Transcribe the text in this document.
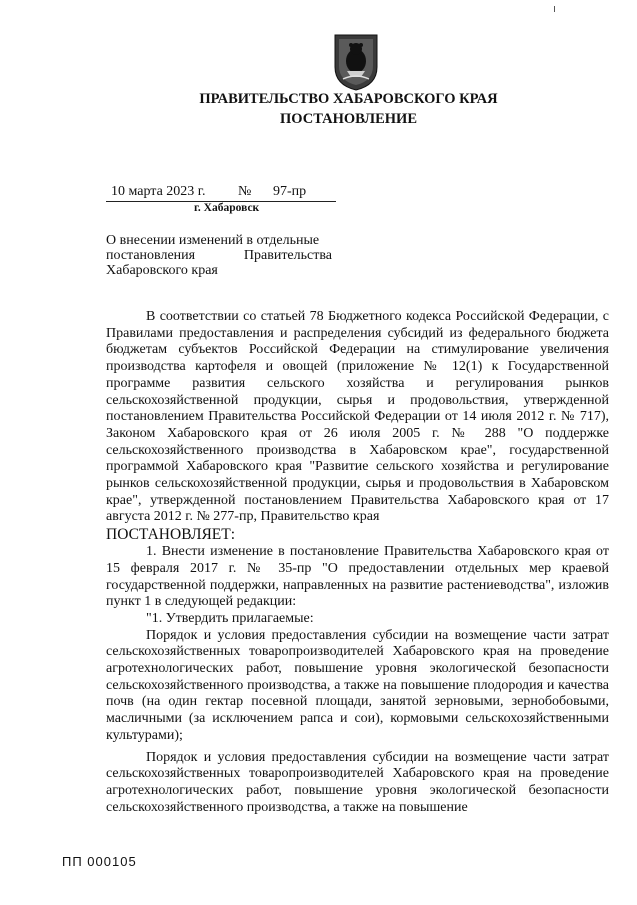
ПРАВИТЕЛЬСТВО ХАБАРОВСКОГО КРАЯ
ПОСТАНОВЛЕНИЕ
10 марта 2023 г. № 97-пр
г. Хабаровск
О внесении изменений в отдельные
постановления	Правительства
Хабаровского края

В соответствии со статьей 78 Бюджетного кодекса Российской Федерации, с Правилами предоставления и распределения субсидий из федерального бюджета бюджетам субъектов Российской Федерации на стимулирование увеличения производства картофеля и овощей (приложение № 12(1) к Государственной программе развития сельского хозяйства и регулирования рынков сельскохозяйственной продукции, сырья и продовольствия, утвержденной постановлением Правительства Российской Федерации от 14 июля 2012 г. № 717), Законом Хабаровского края от 26 июля 2005 г. № 288 "О поддержке сельскохозяйственного производства в Хабаровском крае", государственной программой Хабаровского края "Развитие сельского хозяйства и регулирование рынков сельскохозяйственной продукции, сырья и продовольствия в Хабаровском крае", утвержденной постановлением Правительства Хабаровского края от 17 августа 2012 г. № 277-пр, Правительство края

ПОСТАНОВЛЯЕТ:

1. Внести изменение в постановление Правительства Хабаровского края от 15 февраля 2017 г. № 35-пр "О предоставлении отдельных мер краевой государственной поддержки, направленных на развитие растениеводства", изложив пункт 1 в следующей редакции:

"1. Утвердить прилагаемые:

Порядок и условия предоставления субсидии на возмещение части затрат сельскохозяйственных товаропроизводителей Хабаровского края на проведение агротехнологических работ, повышение уровня экологической безопасности сельскохозяйственного производства, а также на повышение плодородия и качества почв (на один гектар посевной площади, занятой зерновыми, зернобобовыми, масличными (за исключением рапса и сои), кормовыми сельскохозяйственными культурами);

Порядок и условия предоставления субсидии на возмещение части затрат сельскохозяйственных товаропроизводителей Хабаровского края на проведение агротехнологических работ, повышение уровня экологической безопасности сельскохозяйственного производства, а также на повышение

ПП 000105
